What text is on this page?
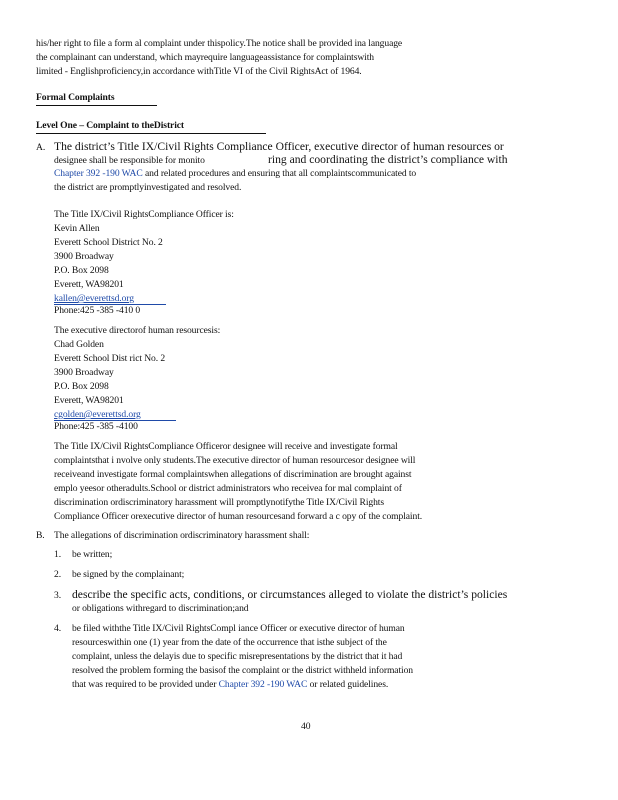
his/her right to file a form al complaint under thispolicy.The notice shall be provided ina language
the complainant can understand, which mayrequire languageassistance for complaintswith
limited - Englishproficiency,in accordance withTitle VI of the Civil RightsAct of 1964.
Formal Complaints
Level One – Complaint to theDistrict
A. The district’s Title IX/Civil Rights Compliance Officer, executive director of human resources or
designee shall be responsible for monito	ring and coordinating the district’s compliance with
Chapter 392 -190 WAC and related procedures and ensuring that all complaintscommunicated to
the district are promptlyinvestigated and resolved.
The Title IX/Civil RightsCompliance Officer is:
Kevin Allen
Everett School District No. 2
3900 Broadway
P.O. Box 2098
Everett, WA98201
kallen@everettsd.org
Phone:425 -385 -410 0
The executive directorof human resourcesis:
Chad Golden
Everett School Dist rict No. 2
3900 Broadway
P.O. Box 2098
Everett, WA98201
cgolden@everettsd.org
Phone:425 -385 -4100
The Title IX/Civil RightsCompliance Officeror designee will receive and investigate formal
complaintsthat i nvolve only students.The executive director of human resourcesor designee will
receiveand investigate formal complaintswhen allegations of discrimination are brought against
emplo yeesor otheradults.School or district administrators who receivea for mal complaint of
discrimination ordiscriminatory harassment will promptlynotifythe Title IX/Civil Rights
Compliance Officer orexecutive director of human resourcesand forward a c opy of the complaint.
B. The allegations of discrimination ordiscriminatory harassment shall:
1. be written;
2. be signed by the complainant;
3. describe the specific acts, conditions, or circumstances alleged to violate the district’s policies
or obligations withregard to discrimination;and
4. be filed withthe Title IX/Civil RightsCompl iance Officer or executive director of human
resourceswithin one (1) year from the date of the occurrence that isthe subject of the
complaint, unless the delayis due to specific misrepresentations by the district that it had
resolved the problem forming the basisof the complaint or the district withheld information
that was required to be provided under Chapter 392 -190 WAC or related guidelines.
40
